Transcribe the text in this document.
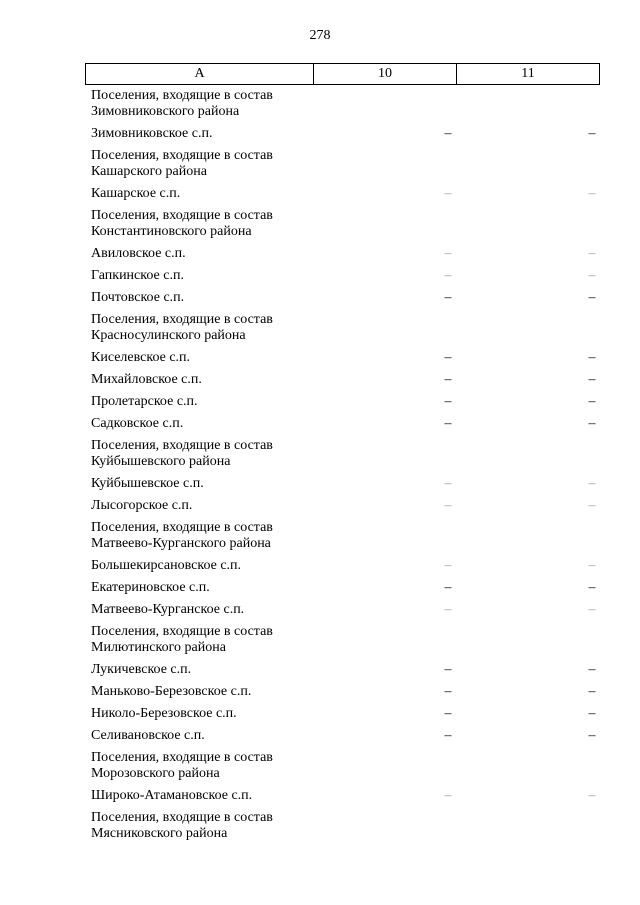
278
А	10	11
Поселения, входящие в состав
Зимовниковского района
Зимовниковское с.п.	–	–
Поселения, входящие в состав
Кашарского района
Кашарское с.п.	–	–
Поселения, входящие в состав
Константиновского района
Авиловское с.п.	–	–
Гапкинское с.п.	–	–
Почтовское с.п.	–	–
Поселения, входящие в состав
Красносулинского района
Киселевское с.п.	–	–
Михайловское с.п.	–	–
Пролетарское с.п.	–	–
Садковское с.п.	–	–
Поселения, входящие в состав
Куйбышевского района
Куйбышевское с.п.	–	–
Лысогорское с.п.	–	–
Поселения, входящие в состав
Матвеево-Курганского района
Большекирсановское с.п.	–	–
Екатериновское с.п.	–	–
Матвеево-Курганское с.п.	–	–
Поселения, входящие в состав
Милютинского района
Лукичевское с.п.	–	–
Маньково-Березовское с.п.	–	–
Николо-Березовское с.п.	–	–
Селивановское с.п.	–	–
Поселения, входящие в состав
Морозовского района
Широко-Атамановское с.п.	–	–
Поселения, входящие в состав
Мясниковского района
